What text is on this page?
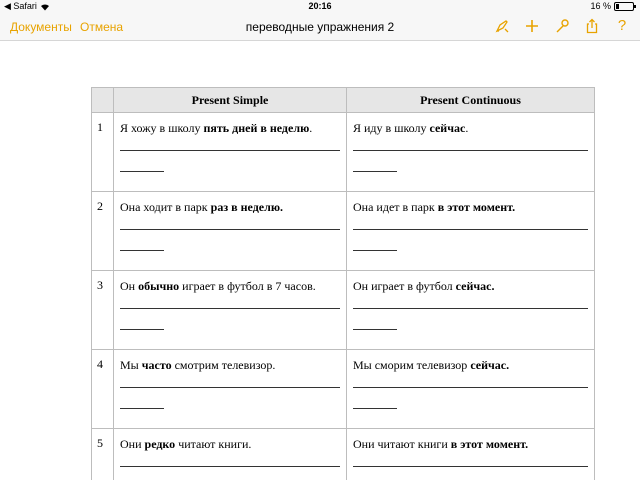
◀ Safari	20:16	16 %
Документы Отмена	переводные упражнения 2	?
	Present Simple	Present Continuous
1	Я хожу в школу пять дней в неделю.	Я иду в школу сейчас.

2	Она ходит в парк раз в неделю.	Она идет в парк в этот момент.

3	Он обычно играет в футбол в 7 часов.	Он играет в футбол сейчас.

4	Мы часто смотрим телевизор.	Мы сморим телевизор сейчас.

5	Они редко читают книги.	Они читают книги в этот момент.
